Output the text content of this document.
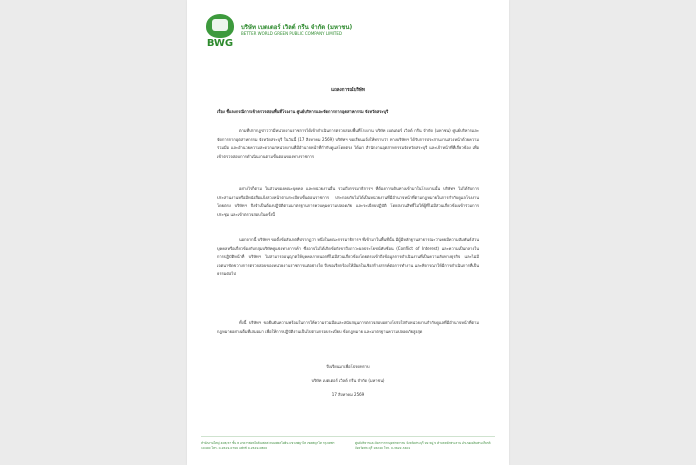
BWG
บริษัท เบตเตอร์ เวิลด์ กรีน จำกัด (มหาชน)
BETTER WORLD GREEN PUBLIC COMPANY LIMITED
แถลงการณ์บริษัท
เรื่อง ชี้แจงกรณีการเข้าตรวจสอบพื้นที่โรงงาน ศูนย์บริหารและจัดการกากอุตสาหกรรม จังหวัดสระบุรี

ตามที่ปรากฏข่าวว่ามีหน่วยงานราชการได้เข้าดำเนินการตรวจสอบพื้นที่โรงงาน บริษัท เบตเตอร์ เวิลด์ กรีน จำกัด (มหาชน) ศูนย์บริหารและจัดการกากอุตสาหกรรม จังหวัดสระบุรี ในวันนี้ (17 สิงหาคม 2569) บริษัทฯ ขอเรียนแจ้งให้ทราบว่า ทางบริษัทฯ ได้รับการประสานงานล่วงหน้าด้วยความร่วมมือ และอำนวยความสะดวกแก่หน่วยงานที่มีอำนาจหน้าที่กำกับดูแลโดยตรง ได้แก่ สำนักงานอุตสาหกรรมจังหวัดสระบุรี และเจ้าหน้าที่ที่เกี่ยวข้อง เพื่อเข้าตรวจสอบการดำเนินงานตามขั้นตอนของทางราชการ

อย่างไรก็ตาม ในส่วนของคณะบุคคล และหน่วยงานอื่น รวมถึงกรรมาธิการฯ ที่ต้องการเดินทางเข้ามาในโรงงานนั้น บริษัทฯ ไม่ได้รับการประสานงานหรือมีหนังสือแจ้งล่วงหน้าตามระเบียบขั้นตอนราชการ ประกอบกับไม่ได้เป็นหน่วยงานที่มีอำนาจหน้าที่ตามกฎหมายในการกำกับดูแลโรงงานโดยตรง บริษัทฯ จึงจำเป็นต้องปฏิบัติตามมาตรฐานการควบคุมความปลอดภัย และระเบียบปฏิบัติ โดยสงวนสิทธิ์ไม่ให้ผู้ที่ไม่มีส่วนเกี่ยวข้องเข้าร่วมการประชุม และเข้าตรวจสอบในครั้งนี้

นอกจากนี้ บริษัทฯ ขอตั้งข้อสังเกตที่ปรากฏว่า หนึ่งในคณะกรรมาธิการฯ ที่เข้ามาในพื้นที่นั้น มีผู้มีหลักฐานสาธารณะว่าเคยมีความสัมพันธ์ส่วนบุคคลหรือเกี่ยวข้องกับกลุ่มบริษัทคู่แข่งทางการค้า ซึ่งอาจไม่ได้เกิดข้อกังขาถึงภาวะผลประโยชน์ทับซ้อน (Conflict of Interest) และความเป็นกลางในการปฏิบัติหน้าที่ บริษัทฯ ไม่สามารถอนุญาตให้บุคคลภายนอกที่ไม่มีส่วนเกี่ยวข้องโดยตรงเข้าถึงข้อมูลการดำเนินงานที่เป็นความลับทางธุรกิจ และไม่มีเจตนาขัดขวางการตรวจสอบของหน่วยงานราชการแต่อย่างใด จึงขอเรียกร้องให้มีผลในเชิงสร้างสรรค์ต่อการทำงาน และพิจารณาให้มีการดำเนินการที่เป็นธรรมต่อไป

ทั้งนี้ บริษัทฯ ขอยืนยันความพร้อมในการให้ความร่วมมือและสนับสนุนการตรวจสอบอย่างโปร่งใสกับหน่วยงานกำกับดูแลที่มีอำนาจหน้าที่ตามกฎหมายอย่างเต็มที่เสมอมา เพื่อให้การปฏิบัติงานเป็นไปตามกรอบระเบียบ ข้อกฎหมาย และมาตรฐานความปลอดภัยสูงสุด

จึงเรียนมาเพื่อโปรดทราบ
บริษัท เบตเตอร์ เวิลด์ กรีน จำกัด (มหาชน)
17 สิงหาคม 2569
สำนักงานใหญ่ 408/37 ชั้น 8 อาคารพหลโยธินเพลส ถนนพหลโยธิน แขวงพญาไท เขตพญาไท กรุงเทพฯ 10400 โทร. 0-2619-0799 แฟกซ์ 0-2619-0800
ศูนย์บริหารและจัดการกากอุตสาหกรรม จังหวัดสระบุรี 99 หมู่ 5 ตำบลหน้าพระลาน อำเภอเฉลิมพระเกียรติ จังหวัดสระบุรี 18240 โทร. 0-3622-3401
